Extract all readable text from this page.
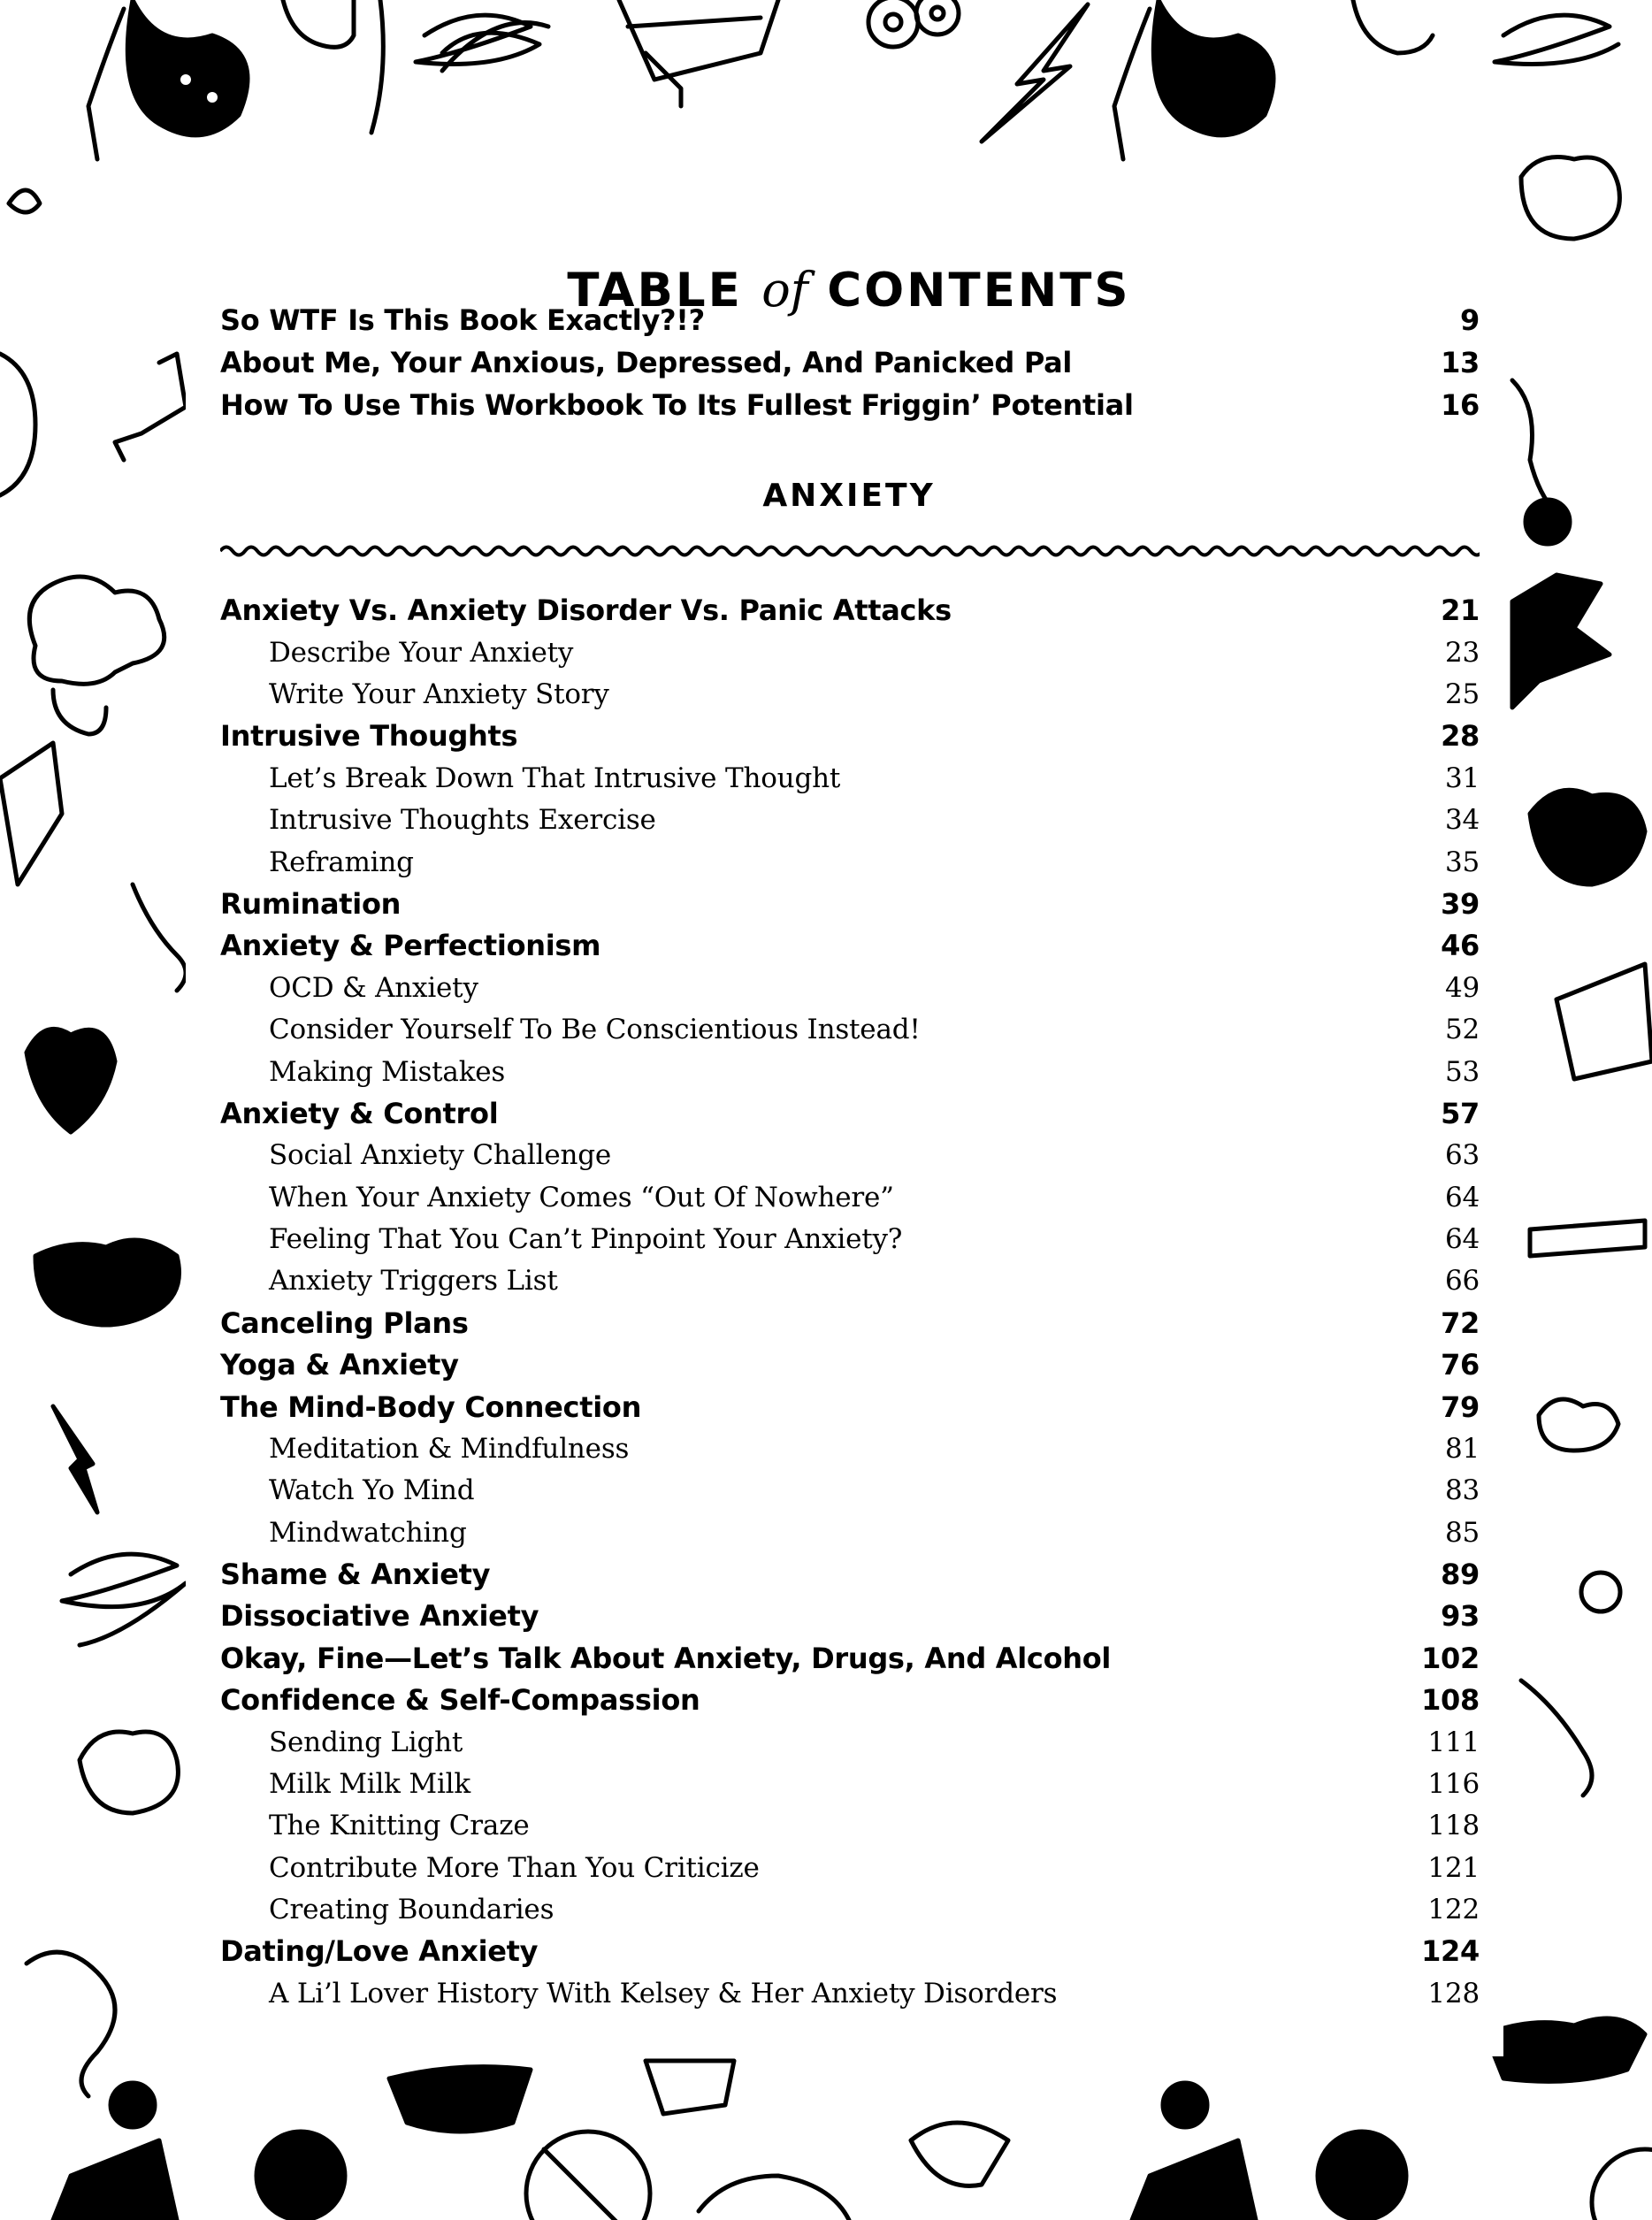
TABLE of CONTENTS
So WTF Is This Book Exactly?!?	9
About Me, Your Anxious, Depressed, And Panicked Pal	13
How To Use This Workbook To Its Fullest Friggin’ Potential	16
ANXIETY
Anxiety Vs. Anxiety Disorder Vs. Panic Attacks	21
Describe Your Anxiety	23
Write Your Anxiety Story	25
Intrusive Thoughts	28
Let’s Break Down That Intrusive Thought	31
Intrusive Thoughts Exercise	34
Reframing	35
Rumination	39
Anxiety & Perfectionism	46
OCD & Anxiety	49
Consider Yourself To Be Conscientious Instead!	52
Making Mistakes	53
Anxiety & Control	57
Social Anxiety Challenge	63
When Your Anxiety Comes “Out Of Nowhere”	64
Feeling That You Can’t Pinpoint Your Anxiety?	64
Anxiety Triggers List	66
Canceling Plans	72
Yoga & Anxiety	76
The Mind-Body Connection	79
Meditation & Mindfulness	81
Watch Yo Mind	83
Mindwatching	85
Shame & Anxiety	89
Dissociative Anxiety	93
Okay, Fine—Let’s Talk About Anxiety, Drugs, And Alcohol	102
Confidence & Self-Compassion	108
Sending Light	111
Milk Milk Milk	116
The Knitting Craze	118
Contribute More Than You Criticize	121
Creating Boundaries	122
Dating/Love Anxiety	124
A Li’l Lover History With Kelsey & Her Anxiety Disorders	128
